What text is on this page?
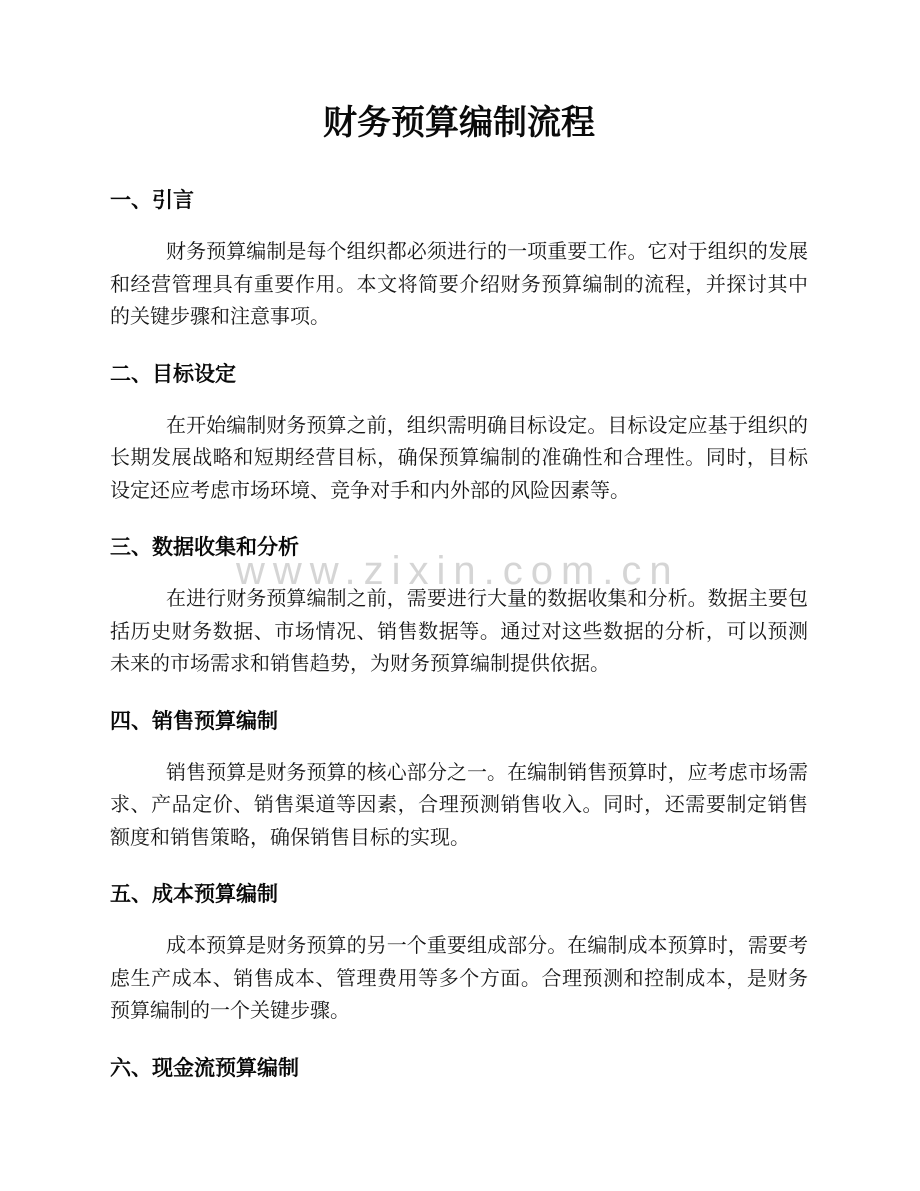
www.zixin.com.cn
财务预算编制流程
一、引言

财务预算编制是每个组织都必须进行的一项重要工作。它对于组织的发展和经营管理具有重要作用。本文将简要介绍财务预算编制的流程，并探讨其中的关键步骤和注意事项。

二、目标设定

在开始编制财务预算之前，组织需明确目标设定。目标设定应基于组织的长期发展战略和短期经营目标，确保预算编制的准确性和合理性。同时，目标设定还应考虑市场环境、竞争对手和内外部的风险因素等。

三、数据收集和分析

在进行财务预算编制之前，需要进行大量的数据收集和分析。数据主要包括历史财务数据、市场情况、销售数据等。通过对这些数据的分析，可以预测未来的市场需求和销售趋势，为财务预算编制提供依据。

四、销售预算编制

销售预算是财务预算的核心部分之一。在编制销售预算时，应考虑市场需求、产品定价、销售渠道等因素，合理预测销售收入。同时，还需要制定销售额度和销售策略，确保销售目标的实现。

五、成本预算编制

成本预算是财务预算的另一个重要组成部分。在编制成本预算时，需要考虑生产成本、销售成本、管理费用等多个方面。合理预测和控制成本，是财务预算编制的一个关键步骤。

六、现金流预算编制
